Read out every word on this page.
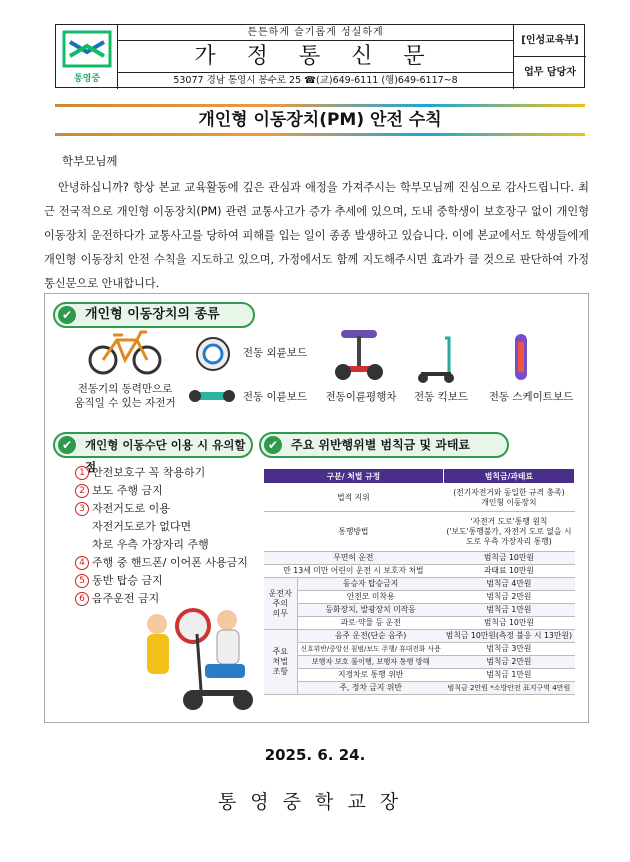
통영중
튼튼하게 슬기롭게 성실하게
가 정 통 신 문
53077 경남 통영시 봉수로 25 ☎(교)649-6111 (행)649-6117~8
[인성교육부]
업무 담당자
개인형 이동장치(PM) 안전 수칙
학부모님께
안녕하십니까? 항상 본교 교육활동에 깊은 관심과 애정을 가져주시는 학부모님께 진심으로 감사드립니다. 최근 전국적으로 개인형 이동장치(PM) 관련 교통사고가 증가 추세에 있으며, 도내 중학생이 보호장구 없이 개인형 이동장치 운전하다가 교통사고를 당하여 피해를 입는 일이 종종 발생하고 있습니다. 이에 본교에서도 학생들에게 개인형 이동장치 안전 수칙을 지도하고 있으며, 가정에서도 함께 지도해주시면 효과가 클 것으로 판단하여 가정통신문으로 안내합니다.
✔ 개인형 이동장치의 종류
전동기의 동력만으로
움직일 수 있는 자전거
전동 외륜보드
전동 이륜보드	전동이륜평행차	전동 킥보드	전동 스케이트보드
✔	개인형 이동수단 이용 시 유의할 점
1 안전보호구 꼭 착용하기
2 보도 주행 금지
3 자전거도로 이용
자전거도로가 없다면
차로 우측 가장자리 주행
4 주행 중 핸드폰/ 이어폰 사용금지
5 동반 탑승 금지
6 음주운전 금지
✔	주요 위반행위별 범칙금 및 과태료
구분/ 처벌 규정		범칙금/과태료
법적 지위		(전기자전거와 동일한 규격 충족)
개인형 이동장치
통행방법		'자전거 도로'통행 원칙
('보도'통행불가, 자전거 도로 없을 시
도로 우측 가장자리 통행)
무면허 운전		범칙금 10만원
만 13세 미만 어린이 운전 시 보호자 처벌		과태료 10만원
운전자
주의
의무	동승자 탑승금지	범칙금 4만원
	안전모 미착용	범칙금 2만원
	등화장치, 발광장치 미작동	범칙금 1만원
	과로·약물 등 운전	범칙금 10만원
주요
처벌
조항	음주 운전(단순 음주)	범칙금 10만원(측정 불응 시 13만원)
	신호위반/중앙선 침범/보도 주행/ 휴대전화 사용	범칙금 3만원
	보행자 보호 불이행, 보행자 통행 방해	범칙금 2만원
	지정차로 통행 위반	범칙금 1만원
	주, 정차 금지 위반	범칙금 2만원 *소방안전 표지구역 4만원
2025. 6. 24.
통영중학교장
